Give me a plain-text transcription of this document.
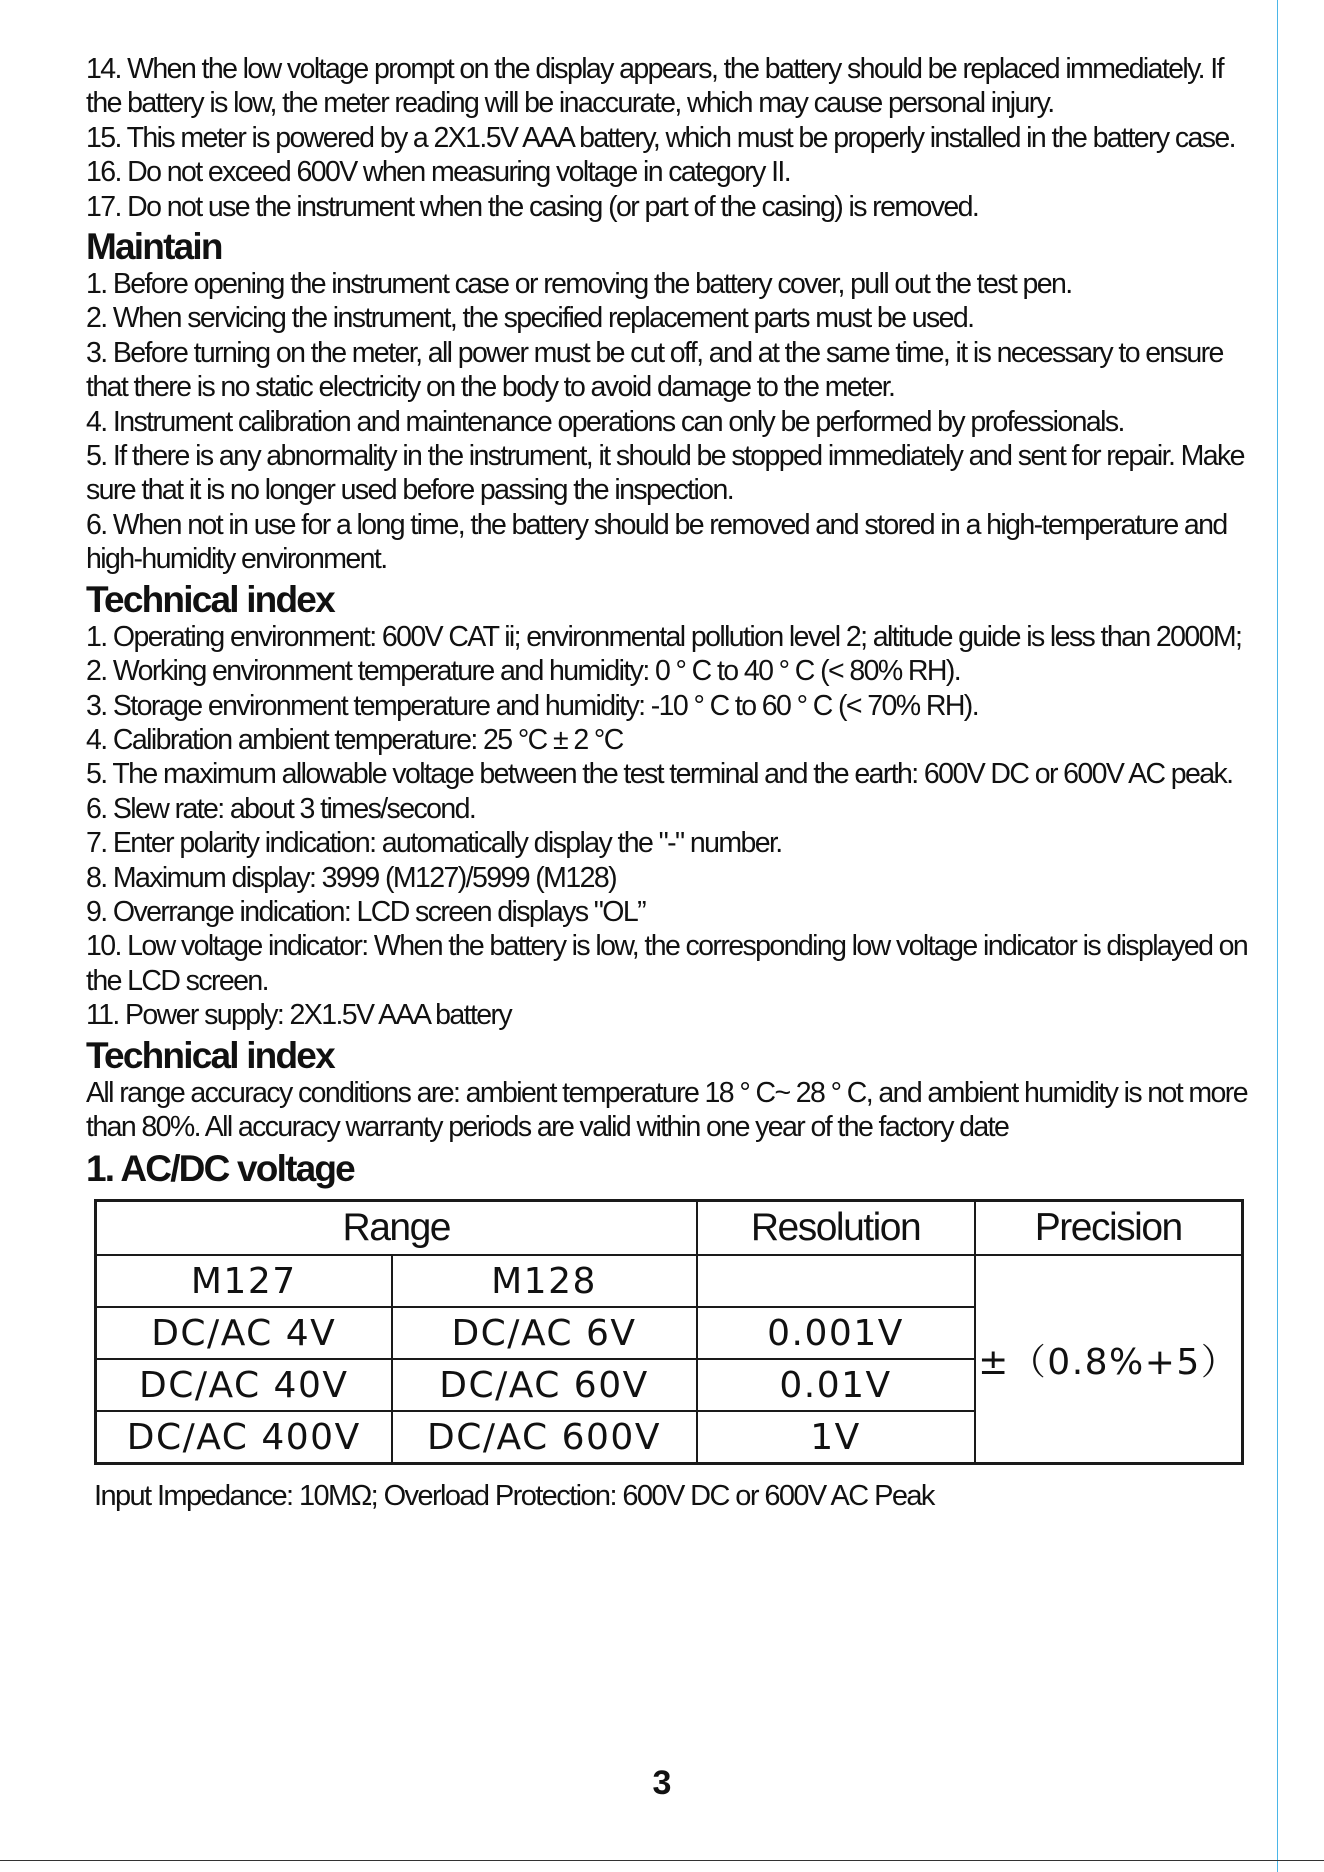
14. When the low voltage prompt on the display appears, the battery should be replaced immediately. If the battery is low, the meter reading will be inaccurate, which may cause personal injury.

15. This meter is powered by a 2X1.5V AAA battery, which must be properly installed in the battery case.

16. Do not exceed 600V when measuring voltage in category II.

17. Do not use the instrument when the casing (or part of the casing) is removed.

Maintain

1. Before opening the instrument case or removing the battery cover, pull out the test pen.

2. When servicing the instrument, the specified replacement parts must be used.

3. Before turning on the meter, all power must be cut off, and at the same time, it is necessary to ensure that there is no static electricity on the body to avoid damage to the meter.

4. Instrument calibration and maintenance operations can only be performed by professionals.

5. If there is any abnormality in the instrument, it should be stopped immediately and sent for repair. Make sure that it is no longer used before passing the inspection.

6. When not in use for a long time, the battery should be removed and stored in a high-temperature and high-humidity environment.

Technical index

1. Operating environment: 600V CAT ii; environmental pollution level 2; altitude guide is less than 2000M;

2. Working environment temperature and humidity: 0 ° C to 40 ° C (< 80% RH).

3. Storage environment temperature and humidity: -10 ° C to 60 ° C (< 70% RH).

4. Calibration ambient temperature: 25 °C ± 2 °C

5. The maximum allowable voltage between the test terminal and the earth: 600V DC or 600V AC peak.

6. Slew rate: about 3 times/second.

7. Enter polarity indication: automatically display the "-" number.

8. Maximum display: 3999 (M127)/5999 (M128)

9. Overrange indication: LCD screen displays "OL”

10. Low voltage indicator: When the battery is low, the corresponding low voltage indicator is displayed on the LCD screen.

11. Power supply: 2X1.5V AAA battery

Technical index

All range accuracy conditions are: ambient temperature 18 ° C~ 28 ° C, and ambient humidity is not more than 80%. All accuracy warranty periods are valid within one year of the factory date

1. AC/DC voltage
Range		Resolution	Precision
M127	M128		±（0.8%+5）
DC/AC 4V	DC/AC 6V	0.001V	
DC/AC 40V	DC/AC 60V	0.01V	
DC/AC 400V	DC/AC 600V	1V	

Input Impedance: 10MΩ; Overload Protection: 600V DC or 600V AC Peak

3
